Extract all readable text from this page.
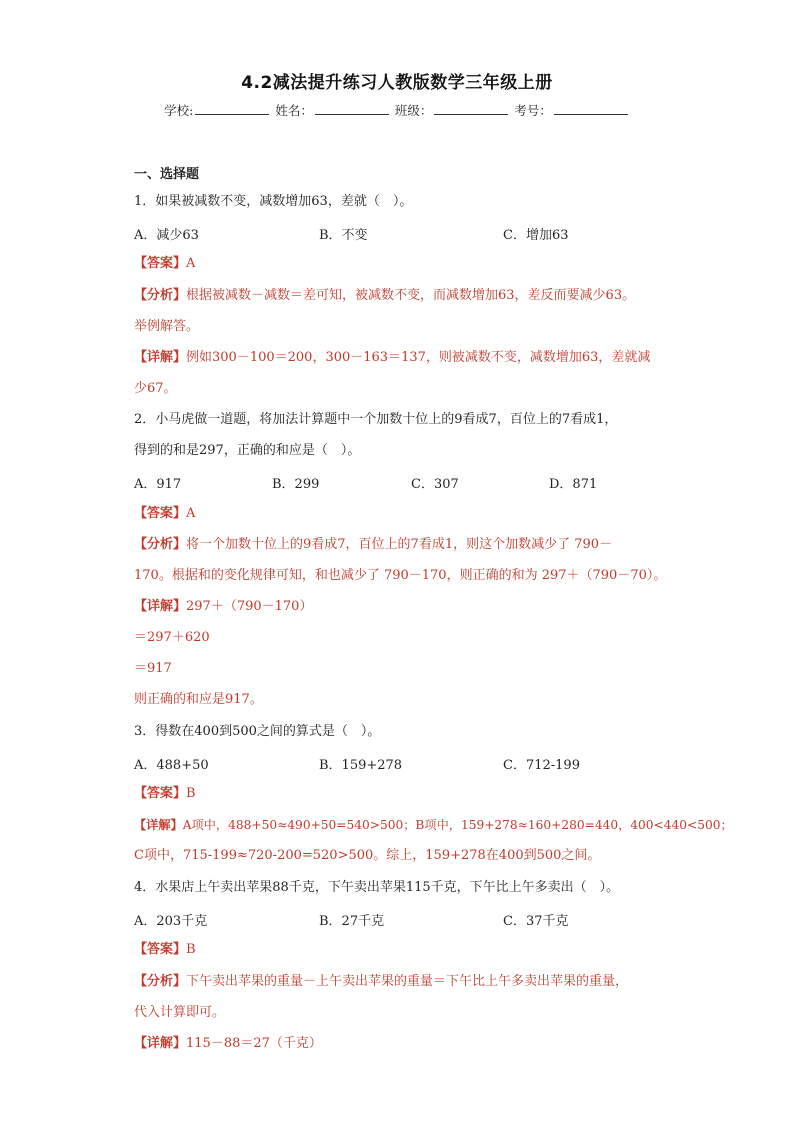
4.2减法提升练习人教版数学三年级上册
学校:	姓名：	班级：	考号：
一、选择题
1．如果被减数不变，减数增加63，差就（　）。
A．减少63	B．不变	C．增加63
【答案】A
【分析】根据被减数－减数＝差可知，被减数不变，而减数增加63，差反而要减少63。
举例解答。
【详解】例如300－100＝200，300－163＝137，则被减数不变，减数增加63，差就减
少67。
2．小马虎做一道题，将加法计算题中一个加数十位上的9看成7，百位上的7看成1，
得到的和是297，正确的和应是（　）。
A．917	B．299	C．307	D．871
【答案】A
【分析】将一个加数十位上的9看成7，百位上的7看成1，则这个加数减少了 790－
170。根据和的变化规律可知，和也减少了 790－170，则正确的和为 297＋（790－70）。
【详解】297＋（790－170）
＝297＋620
＝917
则正确的和应是917。
3．得数在400到500之间的算式是（　）。
A．488+50	B．159+278	C．712-199
【答案】B
【详解】A项中，488+50≈490+50=540>500；B项中，159+278≈160+280=440，400<440<500；
C项中，715-199≈720-200=520>500。综上，159+278在400到500之间。
4．水果店上午卖出苹果88千克，下午卖出苹果115千克，下午比上午多卖出（　）。
A．203千克	B．27千克	C．37千克
【答案】B
【分析】下午卖出苹果的重量－上午卖出苹果的重量＝下午比上午多卖出苹果的重量，
代入计算即可。
【详解】115－88＝27（千克）
